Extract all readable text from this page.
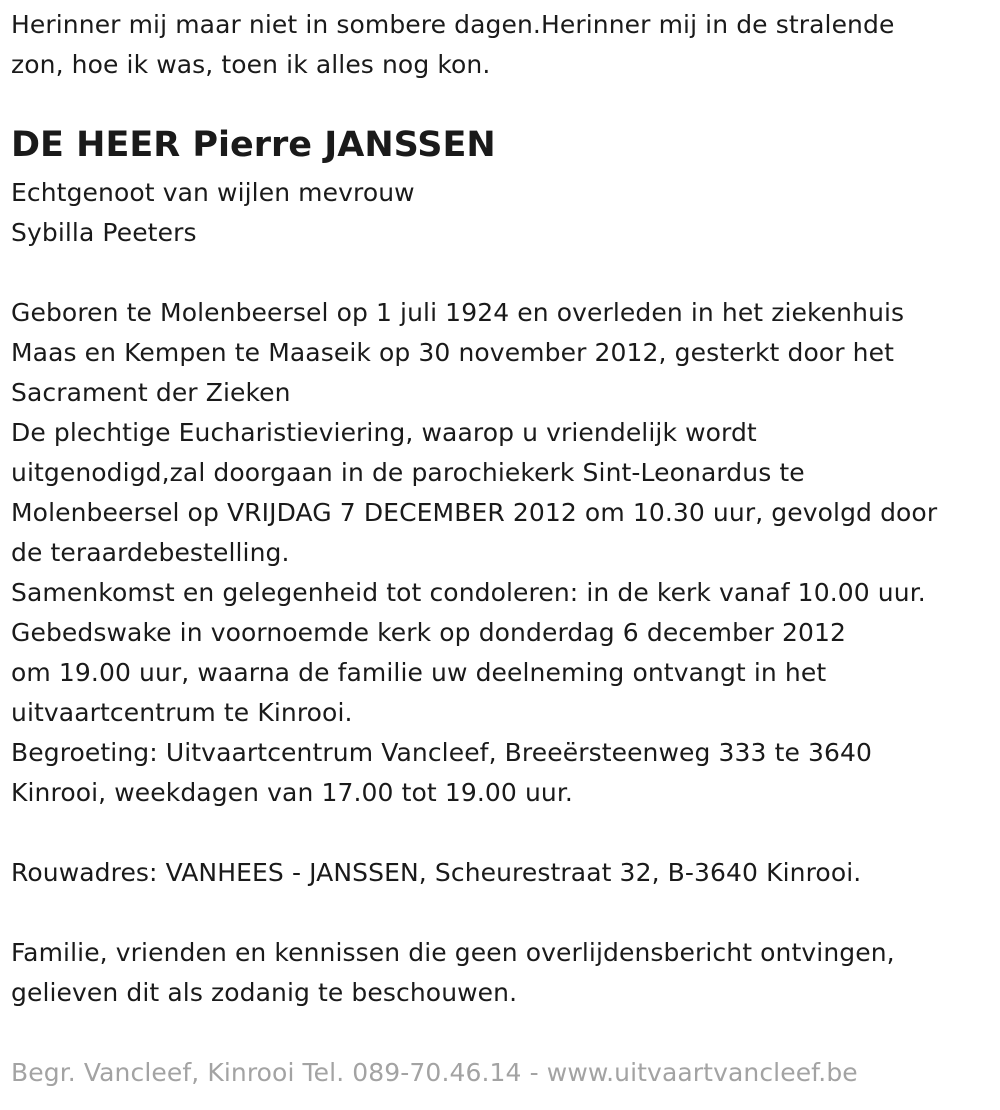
Herinner mij maar niet in sombere dagen.Herinner mij in de stralende
zon, hoe ik was, toen ik alles nog kon.
DE HEER Pierre JANSSEN
Echtgenoot van wijlen mevrouw
Sybilla Peeters
Geboren te Molenbeersel op 1 juli 1924 en overleden in het ziekenhuis
Maas en Kempen te Maaseik op 30 november 2012, gesterkt door het
Sacrament der Zieken
De plechtige Eucharistieviering, waarop u vriendelijk wordt
uitgenodigd,zal doorgaan in de parochiekerk Sint-Leonardus te
Molenbeersel op VRIJDAG 7 DECEMBER 2012 om 10.30 uur, gevolgd door
de teraardebestelling.
Samenkomst en gelegenheid tot condoleren: in de kerk vanaf 10.00 uur.
Gebedswake in voornoemde kerk op donderdag 6 december 2012
om 19.00 uur, waarna de familie uw deelneming ontvangt in het
uitvaartcentrum te Kinrooi.
Begroeting: Uitvaartcentrum Vancleef, Breeërsteenweg 333 te 3640
Kinrooi, weekdagen van 17.00 tot 19.00 uur.
Rouwadres: VANHEES - JANSSEN, Scheurestraat 32, B-3640 Kinrooi.
Familie, vrienden en kennissen die geen overlijdensbericht ontvingen,
gelieven dit als zodanig te beschouwen.
Begr. Vancleef, Kinrooi Tel. 089-70.46.14 - www.uitvaartvancleef.be
